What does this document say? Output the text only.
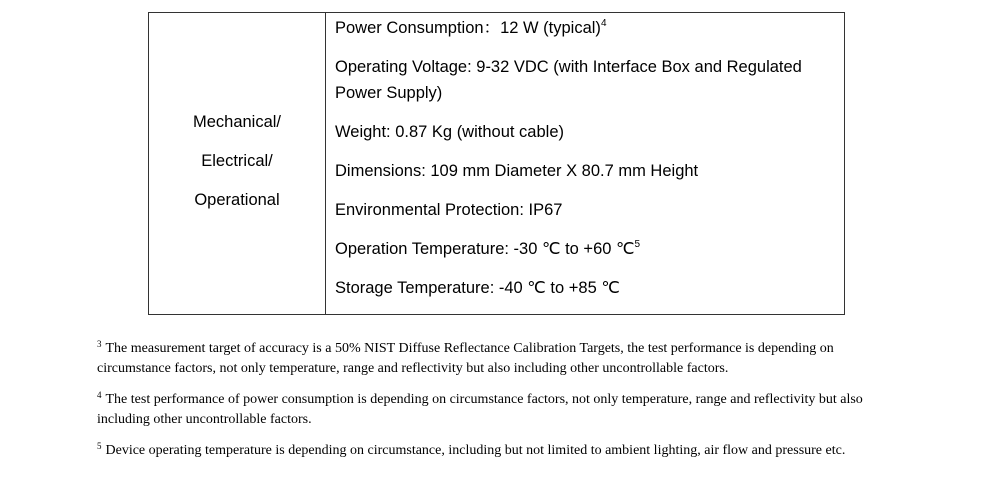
Mechanical/
Electrical/
Operational
Power Consumption：12 W (typical)$^4$
Operating Voltage: 9-32 VDC (with Interface Box and Regulated Power Supply)
Weight: 0.87 Kg (without cable)
Dimensions: 109 mm Diameter X 80.7 mm Height
Environmental Protection: IP67
Operation Temperature: -30 ℃ to +60 ℃$^5$
Storage Temperature: -40 ℃ to +85 ℃

$^3$ The measurement target of accuracy is a 50% NIST Diffuse Reflectance Calibration Targets, the test performance is depending on circumstance factors, not only temperature, range and reflectivity but also including other uncontrollable factors.

$^4$ The test performance of power consumption is depending on circumstance factors, not only temperature, range and reflectivity but also including other uncontrollable factors.

$^5$ Device operating temperature is depending on circumstance, including but not limited to ambient lighting, air flow and pressure etc.
